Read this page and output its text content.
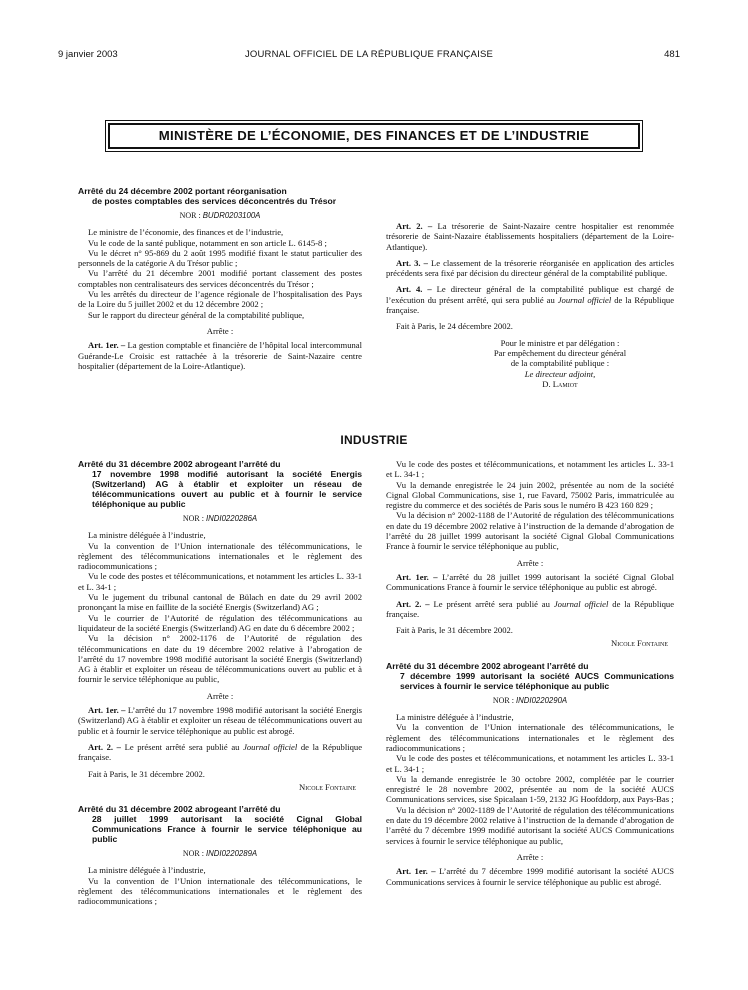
9 janvier 2003	JOURNAL OFFICIEL DE LA RÉPUBLIQUE FRANÇAISE	481
MINISTÈRE DE L’ÉCONOMIE, DES FINANCES ET DE L’INDUSTRIE
Arrêté du 24 décembre 2002 portant réorganisation
de postes comptables des services déconcentrés du Trésor
NOR : BUDR0203100A

Le ministre de l’économie, des finances et de l’industrie,

Vu le code de la santé publique, notamment en son article L. 6145-8 ;

Vu le décret n° 95-869 du 2 août 1995 modifié fixant le statut particulier des personnels de la catégorie A du Trésor public ;

Vu l’arrêté du 21 décembre 2001 modifié portant classement des postes comptables non centralisateurs des services déconcentrés du Trésor ;

Vu les arrêtés du directeur de l’agence régionale de l’hospitalisation des Pays de la Loire du 5 juillet 2002 et du 12 décembre 2002 ;

Sur le rapport du directeur général de la comptabilité publique,

Arrête :

Art. 1er. – La gestion comptable et financière de l’hôpital local intercommunal Guérande-Le Croisic est rattachée à la trésorerie de Saint-Nazaire centre hospitalier (département de la Loire-Atlantique).

Art. 2. – La trésorerie de Saint-Nazaire centre hospitalier est renommée trésorerie de Saint-Nazaire établissements hospitaliers (département de la Loire-Atlantique).

Art. 3. – Le classement de la trésorerie réorganisée en application des articles précédents sera fixé par décision du directeur général de la comptabilité publique.

Art. 4. – Le directeur général de la comptabilité publique est chargé de l’exécution du présent arrêté, qui sera publié au Journal officiel de la République française.

Fait à Paris, le 24 décembre 2002.

Pour le ministre et par délégation :

Par empêchement du directeur général

de la comptabilité publique :

Le directeur adjoint,

D. Lamiot

INDUSTRIE
Arrêté du 31 décembre 2002 abrogeant l’arrêté du
17 novembre 1998 modifié autorisant la société Energis (Switzerland) AG à établir et exploiter un réseau de télécommunications ouvert au public et à fournir le service téléphonique au public
NOR : INDI0220286A

La ministre déléguée à l’industrie,

Vu la convention de l’Union internationale des télécommunications, le règlement des télécommunications internationales et le règlement des radiocommunications ;

Vu le code des postes et télécommunications, et notamment les articles L. 33-1 et L. 34-1 ;

Vu le jugement du tribunal cantonal de Bülach en date du 29 avril 2002 prononçant la mise en faillite de la société Energis (Switzerland) AG ;

Vu le courrier de l’Autorité de régulation des télécommunications au liquidateur de la société Energis (Switzerland) AG en date du 6 décembre 2002 ;

Vu la décision n° 2002-1176 de l’Autorité de régulation des télécommunications en date du 19 décembre 2002 relative à l’abrogation de l’arrêté du 17 novembre 1998 modifié autorisant la société Energis (Switzerland) AG à établir et exploiter un réseau de télécommunications ouvert au public et à fournir le service téléphonique au public,

Arrête :

Art. 1er. – L’arrêté du 17 novembre 1998 modifié autorisant la société Energis (Switzerland) AG à établir et exploiter un réseau de télécommunications ouvert au public et à fournir le service téléphonique au public est abrogé.

Art. 2. – Le présent arrêté sera publié au Journal officiel de la République française.

Fait à Paris, le 31 décembre 2002.

Nicole Fontaine
Arrêté du 31 décembre 2002 abrogeant l’arrêté du
28 juillet 1999 autorisant la société Cignal Global Communications France à fournir le service téléphonique au public
NOR : INDI0220289A

La ministre déléguée à l’industrie,

Vu la convention de l’Union internationale des télécommunications, le règlement des télécommunications internationales et le règlement des radiocommunications ;

Vu le code des postes et télécommunications, et notamment les articles L. 33-1 et L. 34-1 ;

Vu la demande enregistrée le 24 juin 2002, présentée au nom de la société Cignal Global Communications, sise 1, rue Favard, 75002 Paris, immatriculée au registre du commerce et des sociétés de Paris sous le numéro B 423 160 829 ;

Vu la décision n° 2002-1188 de l’Autorité de régulation des télécommunications en date du 19 décembre 2002 relative à l’instruction de la demande d’abrogation de l’arrêté du 28 juillet 1999 autorisant la société Cignal Global Communications France à fournir le service téléphonique au public,

Arrête :

Art. 1er. – L’arrêté du 28 juillet 1999 autorisant la société Cignal Global Communications France à fournir le service téléphonique au public est abrogé.

Art. 2. – Le présent arrêté sera publié au Journal officiel de la République française.

Fait à Paris, le 31 décembre 2002.

Nicole Fontaine
Arrêté du 31 décembre 2002 abrogeant l’arrêté du
7 décembre 1999 autorisant la société AUCS Communications services à fournir le service téléphonique au public
NOR : INDI0220290A

La ministre déléguée à l’industrie,

Vu la convention de l’Union internationale des télécommunications, le règlement des télécommunications internationales et le règlement des radiocommunications ;

Vu le code des postes et télécommunications, et notamment les articles L. 33-1 et L. 34-1 ;

Vu la demande enregistrée le 30 octobre 2002, complétée par le courrier enregistré le 28 novembre 2002, présentée au nom de la société AUCS Communications services, sise Spicalaan 1-59, 2132 JG Hoofddorp, aux Pays-Bas ;

Vu la décision n° 2002-1189 de l’Autorité de régulation des télécommunications en date du 19 décembre 2002 relative à l’instruction de la demande d’abrogation de l’arrêté du 7 décembre 1999 modifié autorisant la société AUCS Communications services à fournir le service téléphonique au public,

Arrête :

Art. 1er. – L’arrêté du 7 décembre 1999 modifié autorisant la société AUCS Communications services à fournir le service téléphonique au public est abrogé.
